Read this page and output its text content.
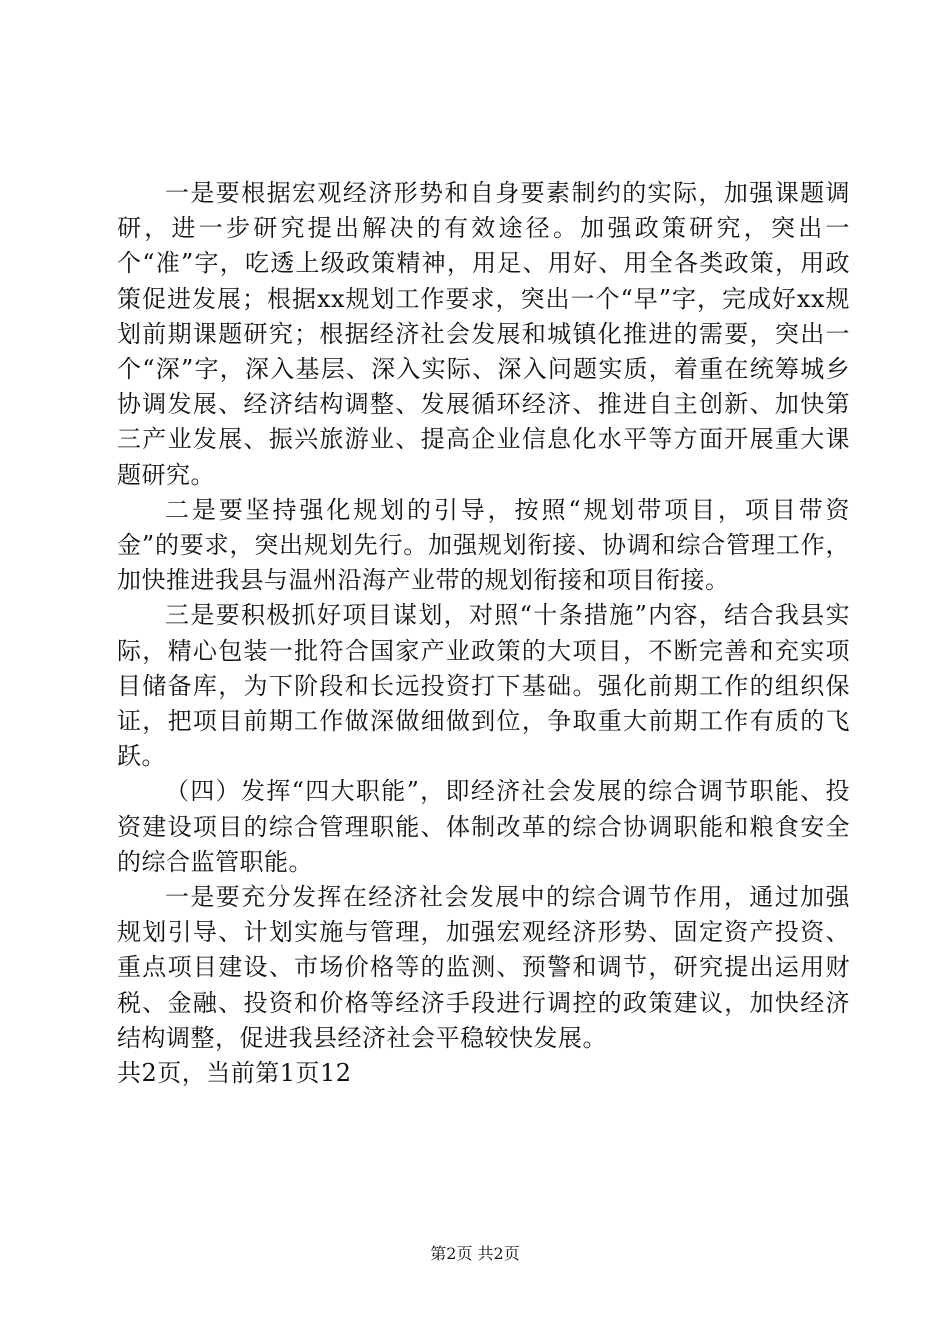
一是要根据宏观经济形势和自身要素制约的实际，加强课题调研，进一步研究提出解决的有效途径。加强政策研究，突出一个“准”字，吃透上级政策精神，用足、用好、用全各类政策，用政策促进发展；根据xx规划工作要求，突出一个“早”字，完成好xx规划前期课题研究；根据经济社会发展和城镇化推进的需要，突出一个“深”字，深入基层、深入实际、深入问题实质，着重在统筹城乡协调发展、经济结构调整、发展循环经济、推进自主创新、加快第三产业发展、振兴旅游业、提高企业信息化水平等方面开展重大课题研究。

二是要坚持强化规划的引导，按照“规划带项目，项目带资金”的要求，突出规划先行。加强规划衔接、协调和综合管理工作，加快推进我县与温州沿海产业带的规划衔接和项目衔接。

三是要积极抓好项目谋划，对照“十条措施”内容，结合我县实际，精心包装一批符合国家产业政策的大项目，不断完善和充实项目储备库，为下阶段和长远投资打下基础。强化前期工作的组织保证，把项目前期工作做深做细做到位，争取重大前期工作有质的飞跃。

（四）发挥“四大职能”，即经济社会发展的综合调节职能、投资建设项目的综合管理职能、体制改革的综合协调职能和粮食安全的综合监管职能。

一是要充分发挥在经济社会发展中的综合调节作用，通过加强规划引导、计划实施与管理，加强宏观经济形势、固定资产投资、重点项目建设、市场价格等的监测、预警和调节，研究提出运用财税、金融、投资和价格等经济手段进行调控的政策建议，加快经济结构调整，促进我县经济社会平稳较快发展。

共2页，当前第1页12

第2页 共2页
